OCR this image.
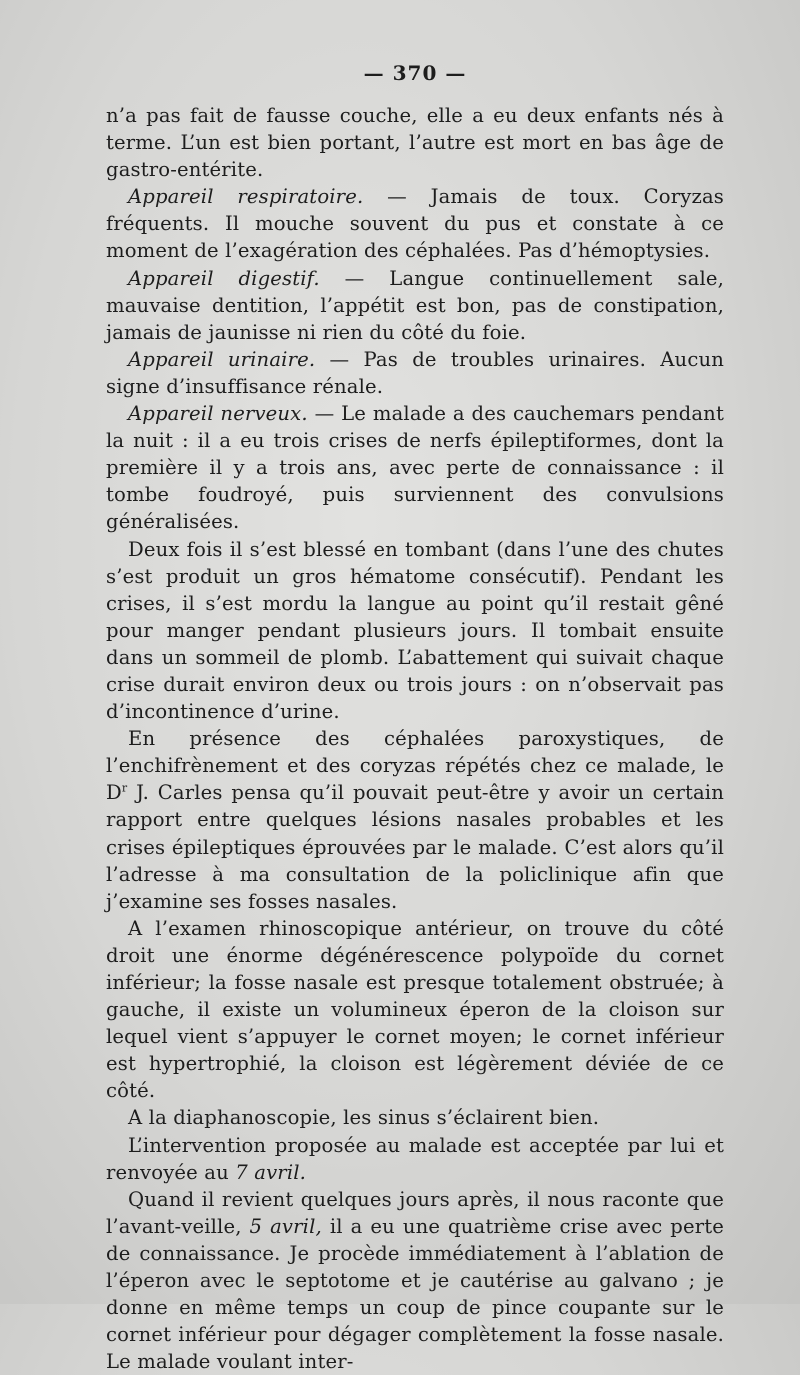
— 370 —

n’a pas fait de fausse couche, elle a eu deux enfants nés à terme. L’un est bien portant, l’autre est mort en bas âge de gastro-entérite.

Appareil respiratoire. — Jamais de toux. Coryzas fréquents. Il mouche souvent du pus et constate à ce moment de l’exagération des céphalées. Pas d’hémoptysies.

Appareil digestif. — Langue continuellement sale, mauvaise dentition, l’appétit est bon, pas de constipation, jamais de jaunisse ni rien du côté du foie.

Appareil urinaire. — Pas de troubles urinaires. Aucun signe d’insuffisance rénale.

Appareil nerveux. — Le malade a des cauchemars pendant la nuit : il a eu trois crises de nerfs épileptiformes, dont la première il y a trois ans, avec perte de connaissance : il tombe foudroyé, puis surviennent des convulsions généralisées.

Deux fois il s’est blessé en tombant (dans l’une des chutes s’est produit un gros hématome consécutif). Pendant les crises, il s’est mordu la langue au point qu’il restait gêné pour manger pendant plusieurs jours. Il tombait ensuite dans un sommeil de plomb. L’abattement qui suivait chaque crise durait environ deux ou trois jours : on n’observait pas d’incontinence d’urine.

En présence des céphalées paroxystiques, de l’enchifrènement et des coryzas répétés chez ce malade, le $D^r$ J. Carles pensa qu’il pouvait peut-être y avoir un certain rapport entre quelques lésions nasales probables et les crises épileptiques éprouvées par le malade. C’est alors qu’il l’adresse à ma consultation de la policlinique afin que j’examine ses fosses nasales.

A l’examen rhinoscopique antérieur, on trouve du côté droit une énorme dégénérescence polypoïde du cornet inférieur; la fosse nasale est presque totalement obstruée; à gauche, il existe un volumineux éperon de la cloison sur lequel vient s’appuyer le cornet moyen; le cornet inférieur est hypertrophié, la cloison est légèrement déviée de ce côté.

A la diaphanoscopie, les sinus s’éclairent bien.

L’intervention proposée au malade est acceptée par lui et renvoyée au 7 avril.

Quand il revient quelques jours après, il nous raconte que l’avant-veille, 5 avril, il a eu une quatrième crise avec perte de connaissance. Je procède immédiatement à l’ablation de l’éperon avec le septotome et je cautérise au galvano ; je donne en même temps un coup de pince coupante sur le cornet inférieur pour dégager complètement la fosse nasale. Le malade voulant inter-
